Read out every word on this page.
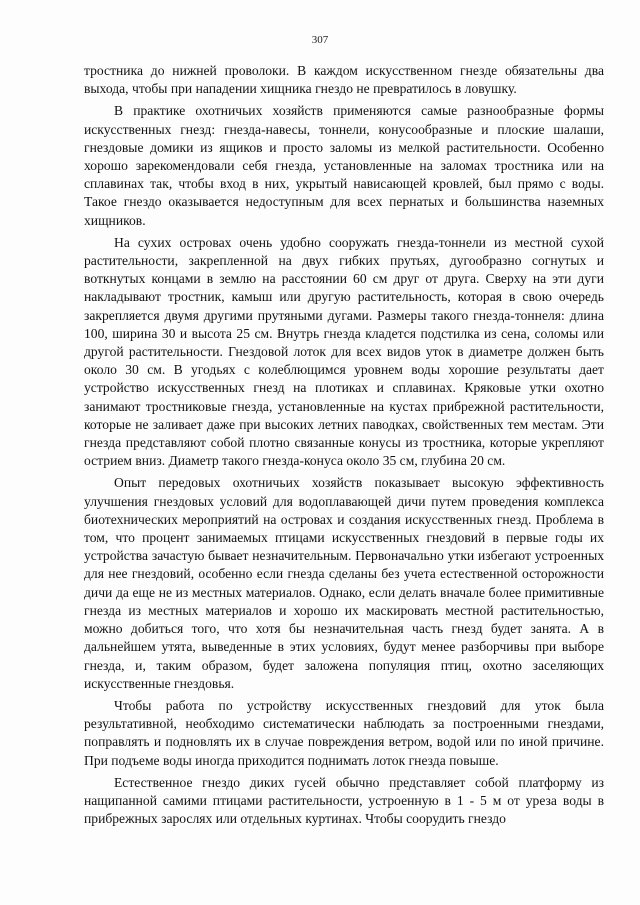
307

тростника до нижней проволоки. В каждом искусственном гнезде обязательны два выхода, чтобы при нападении хищника гнездо не превратилось в ловушку.

В практике охотничьих хозяйств применяются самые разнообразные формы искусственных гнезд: гнезда-навесы, тоннели, конусообразные и плоские шалаши, гнездовые домики из ящиков и просто заломы из мелкой растительности. Особенно хорошо зарекомендовали себя гнезда, установленные на заломах тростника или на сплавинах так, чтобы вход в них, укрытый нависающей кровлей, был прямо с воды. Такое гнездо оказывается недоступным для всех пернатых и большинства наземных хищников.

На сухих островах очень удобно сооружать гнезда-тоннели из местной сухой растительности, закрепленной на двух гибких прутьях, дугообразно согнутых и воткнутых концами в землю на расстоянии 60 см друг от друга. Сверху на эти дуги накладывают тростник, камыш или другую растительность, которая в свою очередь закрепляется двумя другими прутяными дугами. Размеры такого гнезда-тоннеля: длина 100, ширина 30 и высота 25 см. Внутрь гнезда кладется подстилка из сена, соломы или другой растительности. Гнездовой лоток для всех видов уток в диаметре должен быть около 30 см. В угодьях с колеблющимся уровнем воды хорошие результаты дает устройство искусственных гнезд на плотиках и сплавинах. Кряковые утки охотно занимают тростниковые гнезда, установленные на кустах прибрежной растительности, которые не заливает даже при высоких летних паводках, свойственных тем местам. Эти гнезда представляют собой плотно связанные конусы из тростника, которые укрепляют острием вниз. Диаметр такого гнезда-конуса около 35 см, глубина 20 см.

Опыт передовых охотничьих хозяйств показывает высокую эффективность улучшения гнездовых условий для водоплавающей дичи путем проведения комплекса биотехнических мероприятий на островах и создания искусственных гнезд. Проблема в том, что процент занимаемых птицами искусственных гнездовий в первые годы их устройства зачастую бывает незначительным. Первоначально утки избегают устроенных для нее гнездовий, особенно если гнезда сделаны без учета естественной осторожности дичи да еще не из местных материалов. Однако, если делать вначале более примитивные гнезда из местных материалов и хорошо их маскировать местной растительностью, можно добиться того, что хотя бы незначительная часть гнезд будет занята. А в дальнейшем утята, выведенные в этих условиях, будут менее разборчивы при выборе гнезда, и, таким образом, будет заложена популяция птиц, охотно заселяющих искусственные гнездовья.

Чтобы работа по устройству искусственных гнездовий для уток была результативной, необходимо систематически наблюдать за построенными гнездами, поправлять и подновлять их в случае повреждения ветром, водой или по иной причине. При подъеме воды иногда приходится поднимать лоток гнезда повыше.

Естественное гнездо диких гусей обычно представляет собой платформу из нащипанной самими птицами растительности, устроенную в 1 - 5 м от уреза воды в прибрежных зарослях или отдельных куртинах. Чтобы соорудить гнездо
